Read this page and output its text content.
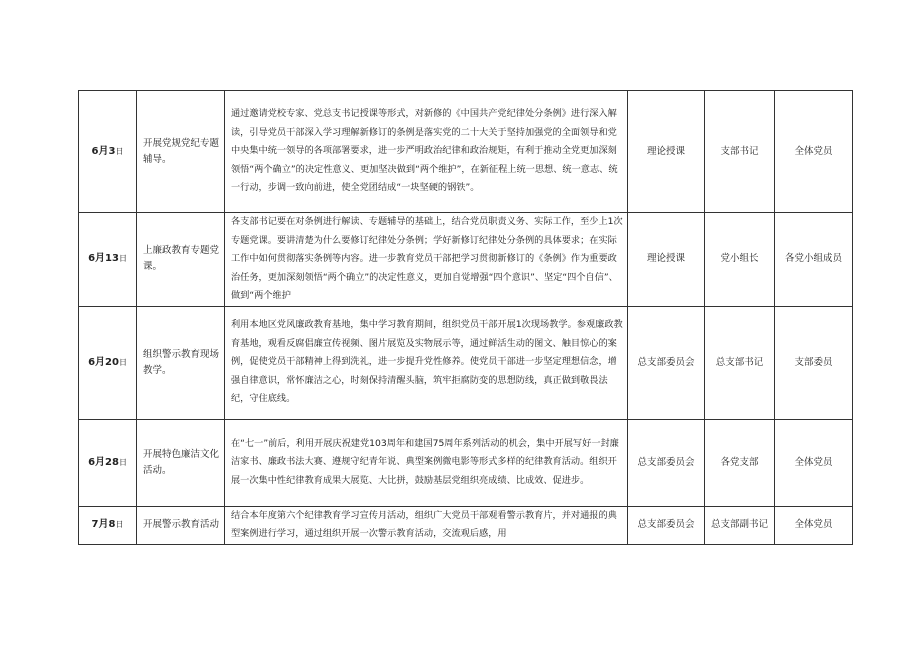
6月3日	开展党规党纪专题辅导。	通过邀请党校专家、党总支书记授课等形式，对新修的《中国共产党纪律处分条例》进行深入解读，引导党员干部深入学习理解新修订的条例是落实党的二十大关于坚持加强党的全面领导和党中央集中统一领导的各项部署要求，进一步严明政治纪律和政治规矩，有利于推动全党更加深刻领悟“两个确立”的决定性意义、更加坚决做到“两个维护”，在新征程上统一思想、统一意志、统一行动，步调一致向前进，使全党团结成“一块坚硬的钢铁”。	理论授课	支部书记	全体党员
6月13日	上廉政教育专题党课。	各支部书记要在对条例进行解读、专题辅导的基础上，结合党员职责义务、实际工作，至少上1次专题党课。要讲清楚为什么要修订纪律处分条例；学好新修订纪律处分条例的具体要求；在实际工作中如何贯彻落实条例等内容。进一步教育党员干部把学习贯彻新修订的《条例》作为重要政治任务，更加深刻领悟“两个确立”的决定性意义，更加自觉增强“四个意识”、坚定“四个自信”、做到“两个维护	理论授课	党小组长	各党小组成员
6月20日	组织警示教育现场教学。	利用本地区党风廉政教育基地，集中学习教育期间，组织党员干部开展1次现场教学。参观廉政教育基地，观看反腐倡廉宣传视频、图片展览及实物展示等，通过鲜活生动的图文、触目惊心的案例，促使党员干部精神上得到洗礼，进一步提升党性修养。使党员干部进一步坚定理想信念，增强自律意识，常怀廉洁之心，时刻保持清醒头脑，筑牢拒腐防变的思想防线，真正做到敬畏法纪，守住底线。	总支部委员会	总支部书记	支部委员
6月28日	开展特色廉洁文化活动。	在“七一”前后，利用开展庆祝建党103周年和建国75周年系列活动的机会，集中开展写好一封廉洁家书、廉政书法大赛、遵规守纪青年说、典型案例微电影等形式多样的纪律教育活动。组织开展一次集中性纪律教育成果大展览、大比拼，鼓励基层党组织亮成绩、比成效、促进步。	总支部委员会	各党支部	全体党员
7月8日	开展警示教育活动	结合本年度第六个纪律教育学习宣传月活动，组织广大党员干部观看警示教育片，并对通报的典型案例进行学习，通过组织开展一次警示教育活动，交流观后感，用	总支部委员会	总支部副书记	全体党员
